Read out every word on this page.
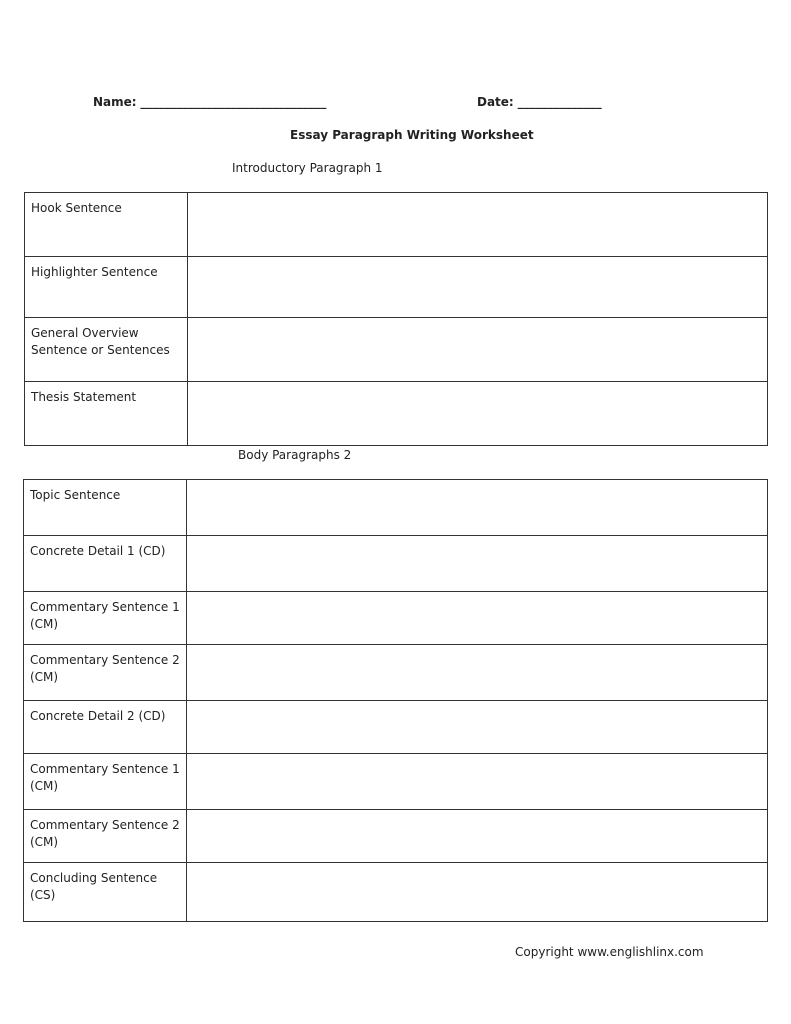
Name: _______________________________	Date: ______________
Essay Paragraph Writing Worksheet
Introductory Paragraph 1
Hook Sentence	
Highlighter Sentence	
General Overview Sentence or Sentences	
Thesis Statement	
Body Paragraphs 2
Topic Sentence	
Concrete Detail 1 (CD)	
Commentary Sentence 1 (CM)	
Commentary Sentence 2 (CM)	
Concrete Detail 2 (CD)	
Commentary Sentence 1 (CM)	
Commentary Sentence 2 (CM)	
Concluding Sentence (CS)	
Copyright www.englishlinx.com
